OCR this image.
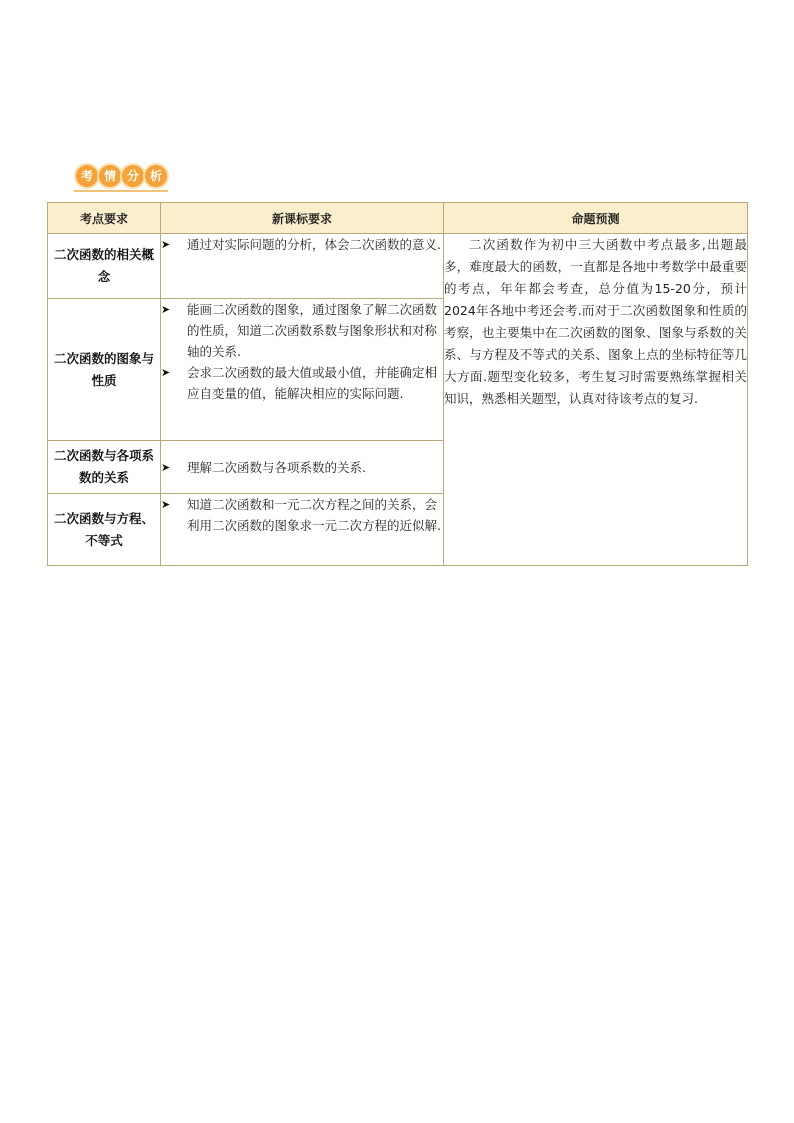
考 情 分 析
考点要求	新课标要求	命题预测
二次函数的相关概念	➤ 通过对实际问题的分析，体会二次函数的意义.	二次函数作为初中三大函数中考点最多,出题最多，难度最大的函数，一直都是各地中考数学中最重要的考点，年年都会考查，总分值为15-20分，预计2024年各地中考还会考.而对于二次函数图象和性质的考察，也主要集中在二次函数的图象、图象与系数的关系、与方程及不等式的关系、图象上点的坐标特征等几大方面.题型变化较多，考生复习时需要熟练掌握相关知识，熟悉相关题型，认真对待该考点的复习.
二次函数的图象与性质	➤ 能画二次函数的图象，通过图象了解二次函数的性质，知道二次函数系数与图象形状和对称轴的关系.
➤ 会求二次函数的最大值或最小值，并能确定相应自变量的值，能解决相应的实际问题.	

二次函数与各项系数的关系	➤ 理解二次函数与各项系数的关系.	

二次函数与方程、不等式	➤ 知道二次函数和一元二次方程之间的关系，会利用二次函数的图象求一元二次方程的近似解.	
